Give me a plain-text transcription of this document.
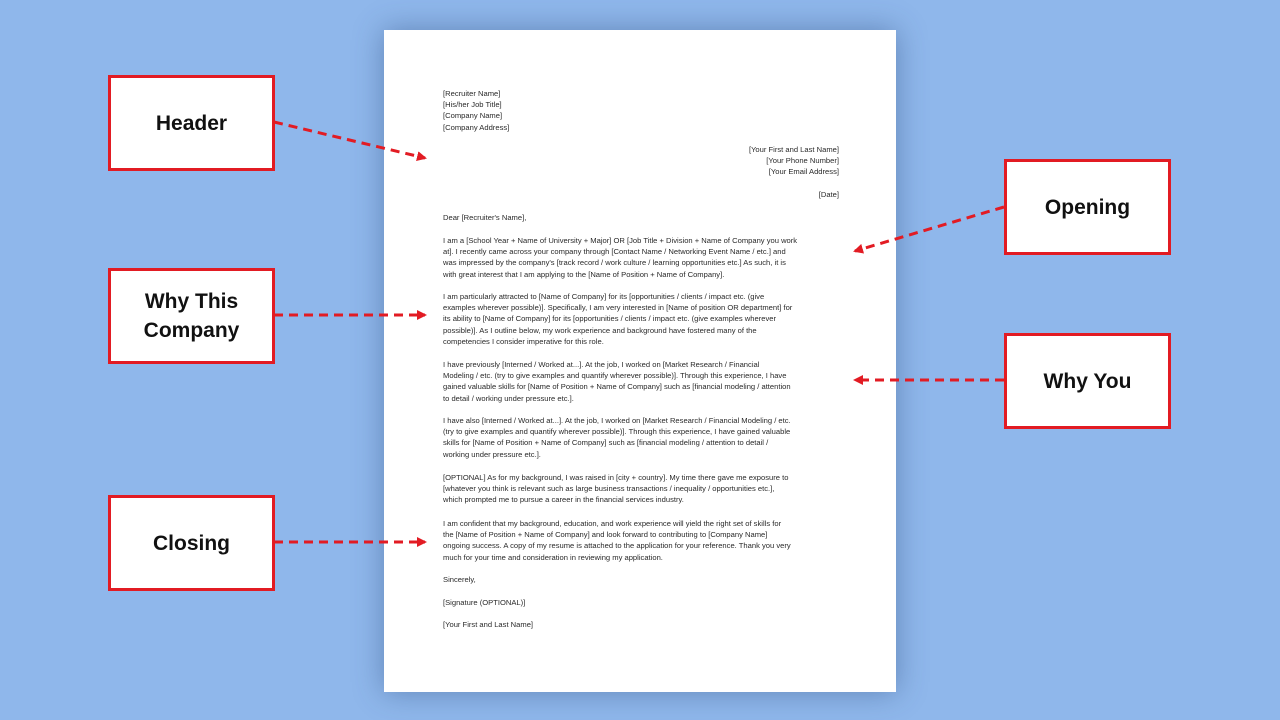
[Recruiter Name]
[His/her Job Title]
[Company Name]
[Company Address]
[Your First and Last Name]
[Your Phone Number]
[Your Email Address]
[Date]
Dear [Recruiter's Name],
I am a [School Year + Name of University + Major] OR [Job Title + Division + Name of Company you work
at]. I recently came across your company through [Contact Name / Networking Event Name / etc.] and
was impressed by the company's [track record / work culture / learning opportunities etc.] As such, it is
with great interest that I am applying to the [Name of Position + Name of Company].
I am particularly attracted to [Name of Company] for its [opportunities / clients / impact etc. (give
examples wherever possible)]. Specifically, I am very interested in [Name of position OR department] for
its ability to [Name of Company] for its [opportunities / clients / impact etc. (give examples wherever
possible)]. As I outline below, my work experience and background have fostered many of the
competencies I consider imperative for this role.
I have previously [Interned / Worked at...]. At the job, I worked on [Market Research / Financial
Modeling / etc. (try to give examples and quantify wherever possible)]. Through this experience, I have
gained valuable skills for [Name of Position + Name of Company] such as [financial modeling / attention
to detail / working under pressure etc.].
I have also [Interned / Worked at...]. At the job, I worked on [Market Research / Financial Modeling / etc.
(try to give examples and quantify wherever possible)]. Through this experience, I have gained valuable
skills for [Name of Position + Name of Company] such as [financial modeling / attention to detail /
working under pressure etc.].
[OPTIONAL] As for my background, I was raised in [city + country]. My time there gave me exposure to
[whatever you think is relevant such as large business transactions / inequality / opportunities etc.],
which prompted me to pursue a career in the financial services industry.
I am confident that my background, education, and work experience will yield the right set of skills for
the [Name of Position + Name of Company] and look forward to contributing to [Company Name]
ongoing success. A copy of my resume is attached to the application for your reference. Thank you very
much for your time and consideration in reviewing my application.
Sincerely,
[Signature (OPTIONAL)]
[Your First and Last Name]
Header
Why This
Company
Closing
Opening
Why You
